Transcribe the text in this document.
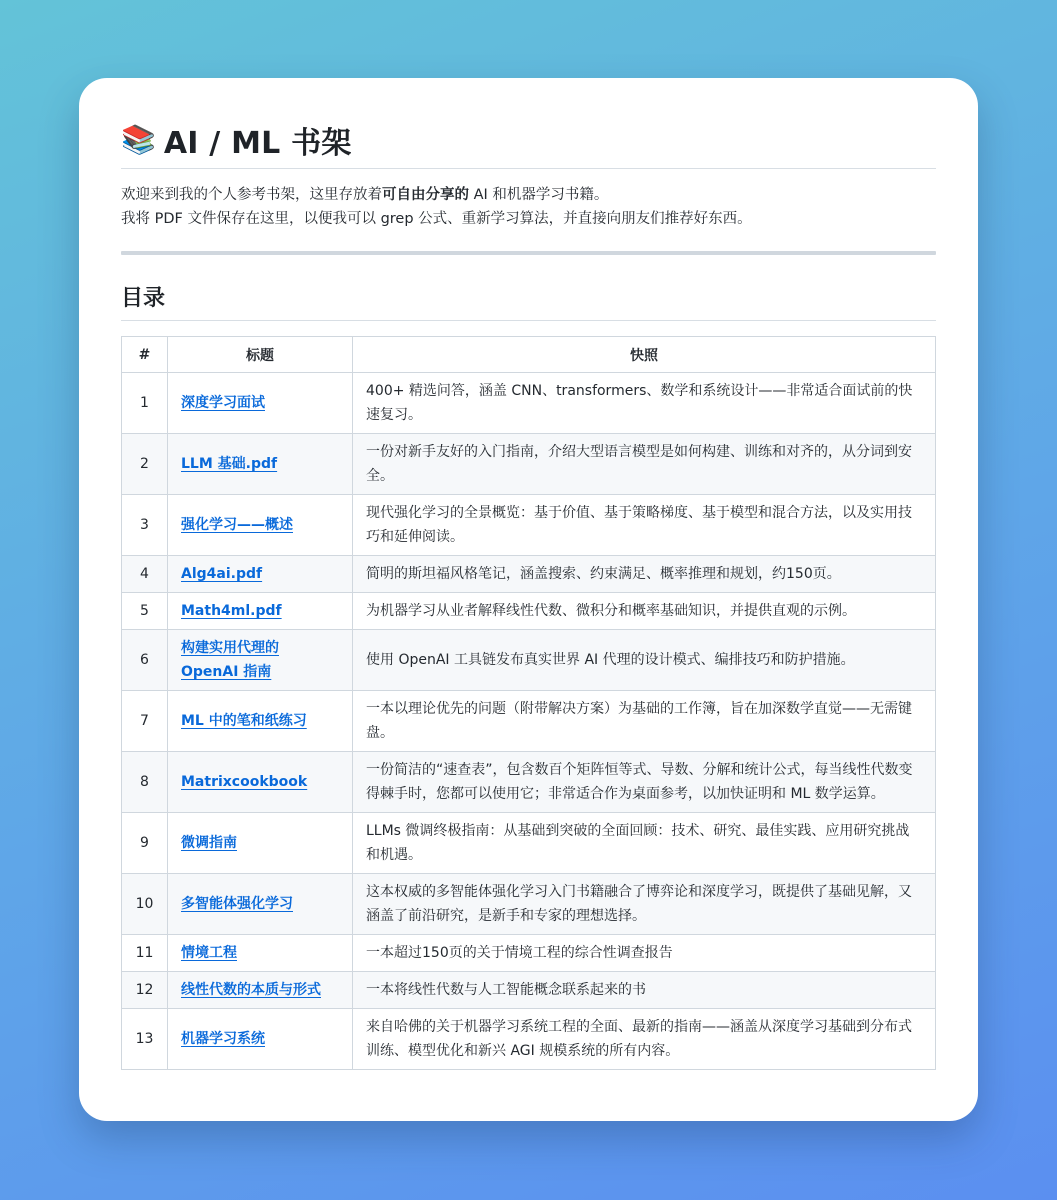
📚 AI / ML 书架
欢迎来到我的个人参考书架，这里存放着可自由分享的 AI 和机器学习书籍。
我将 PDF 文件保存在这里，以便我可以 grep 公式、重新学习算法，并直接向朋友们推荐好东西。
目录
#	标题	快照
1	深度学习面试	400+ 精选问答，涵盖 CNN、transformers、数学和系统设计——非常适合面试前的快速复习。
2	LLM 基础.pdf	一份对新手友好的入门指南，介绍大型语言模型是如何构建、训练和对齐的，从分词到安全。
3	强化学习——概述	现代强化学习的全景概览：基于价值、基于策略梯度、基于模型和混合方法，以及实用技巧和延伸阅读。
4	Alg4ai.pdf	简明的斯坦福风格笔记，涵盖搜索、约束满足、概率推理和规划，约150页。
5	Math4ml.pdf	为机器学习从业者解释线性代数、微积分和概率基础知识，并提供直观的示例。
6	构建实用代理的 OpenAI 指南	使用 OpenAI 工具链发布真实世界 AI 代理的设计模式、编排技巧和防护措施。
7	ML 中的笔和纸练习	一本以理论优先的问题（附带解决方案）为基础的工作簿，旨在加深数学直觉——无需键盘。
8	Matrixcookbook	一份简洁的“速查表”，包含数百个矩阵恒等式、导数、分解和统计公式，每当线性代数变得棘手时，您都可以使用它；非常适合作为桌面参考，以加快证明和 ML 数学运算。
9	微调指南	LLMs 微调终极指南：从基础到突破的全面回顾：技术、研究、最佳实践、应用研究挑战和机遇。
10	多智能体强化学习	这本权威的多智能体强化学习入门书籍融合了博弈论和深度学习，既提供了基础见解，又涵盖了前沿研究，是新手和专家的理想选择。
11	情境工程	一本超过150页的关于情境工程的综合性调查报告
12	线性代数的本质与形式	一本将线性代数与人工智能概念联系起来的书
13	机器学习系统	来自哈佛的关于机器学习系统工程的全面、最新的指南——涵盖从深度学习基础到分布式训练、模型优化和新兴 AGI 规模系统的所有内容。
